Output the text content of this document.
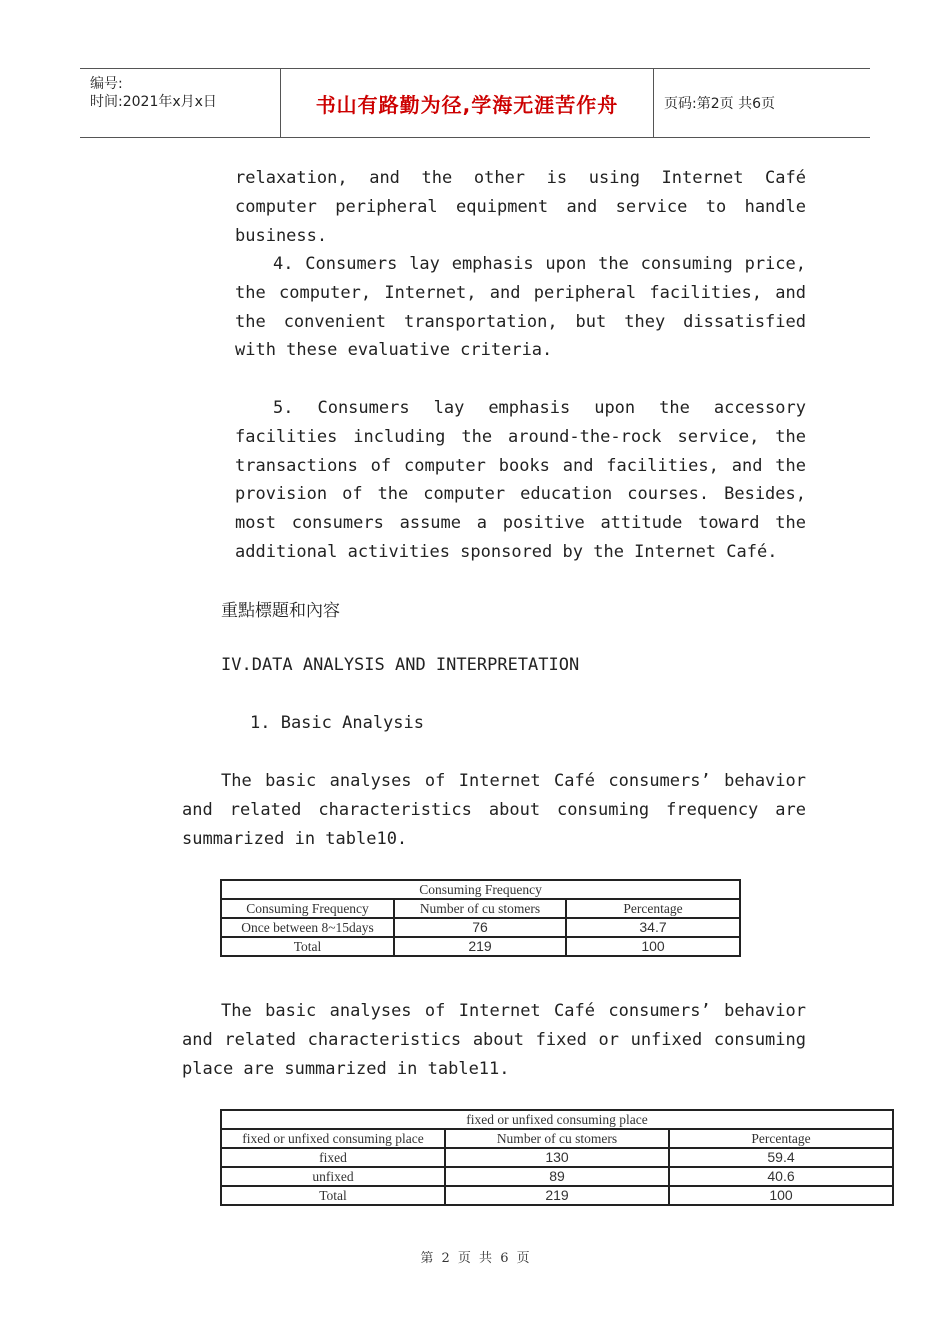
编号:
时间:2021年x月x日	书山有路勤为径,学海无涯苦作舟	页码:第2页 共6页

relaxation, and the other is using Internet Café computer peripheral equipment and service to handle business.

4. Consumers lay emphasis upon the consuming price, the computer, Internet, and peripheral facilities, and the convenient transportation, but they dissatisfied with these evaluative criteria.

5. Consumers lay emphasis upon the accessory facilities including the around-the-rock service, the transactions of computer books and facilities, and the provision of the computer education courses. Besides, most consumers assume a positive attitude toward the additional activities sponsored by the Internet Café.

重點標題和內容
IV.DATA ANALYSIS AND INTERPRETATION
1. Basic Analysis

The basic analyses of Internet Café consumers’ behavior and related characteristics about consuming frequency are summarized in table10.

Consuming Frequency		
Consuming Frequency	Number of cu stomers	Percentage
Once between 8~15days	76	34.7
Total	219	100

The basic analyses of Internet Café consumers’ behavior and related characteristics about fixed or unfixed consuming place are summarized in table11.

fixed or unfixed consuming place		
fixed or unfixed consuming place	Number of cu stomers	Percentage
fixed	130	59.4
unfixed	89	40.6
Total	219	100
第 2 页 共 6 页
